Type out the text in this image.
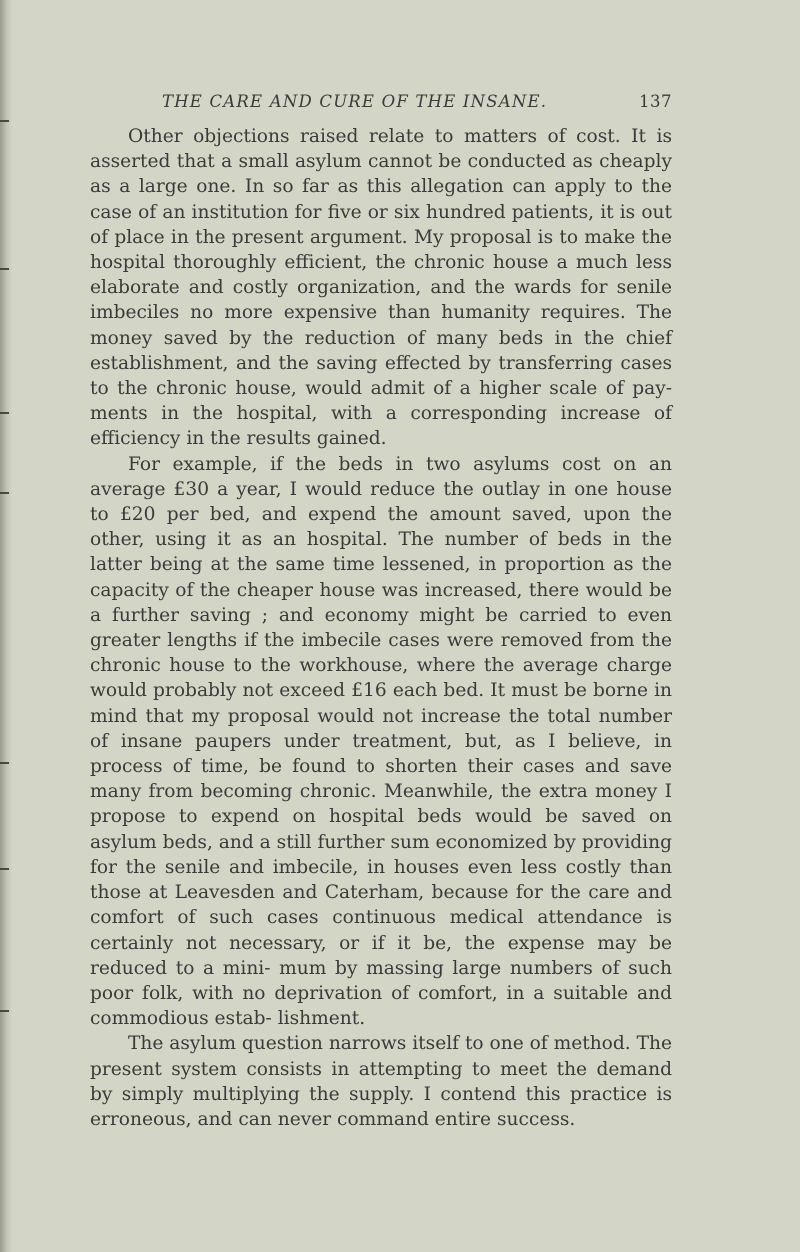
THE CARE AND CURE OF THE INSANE.	137

Other objections raised relate to matters of cost. It is asserted that a small asylum cannot be conducted as cheaply as a large one. In so far as this allegation can apply to the case of an institution for five or six hundred patients, it is out of place in the present argument. My proposal is to make the hospital thoroughly efficient, the chronic house a much less elaborate and costly organization, and the wards for senile imbeciles no more expensive than humanity requires. The money saved by the reduction of many beds in the chief establishment, and the saving effected by transferring cases to the chronic house, would admit of a higher scale of pay- ments in the hospital, with a corresponding increase of efficiency in the results gained.

For example, if the beds in two asylums cost on an average £30 a year, I would reduce the outlay in one house to £20 per bed, and expend the amount saved, upon the other, using it as an hospital. The number of beds in the latter being at the same time lessened, in proportion as the capacity of the cheaper house was increased, there would be a further saving ; and economy might be carried to even greater lengths if the imbecile cases were removed from the chronic house to the workhouse, where the average charge would probably not exceed £16 each bed. It must be borne in mind that my proposal would not increase the total number of insane paupers under treatment, but, as I believe, in process of time, be found to shorten their cases and save many from becoming chronic. Meanwhile, the extra money I propose to expend on hospital beds would be saved on asylum beds, and a still further sum economized by providing for the senile and imbecile, in houses even less costly than those at Leavesden and Caterham, because for the care and comfort of such cases continuous medical attendance is certainly not necessary, or if it be, the expense may be reduced to a mini- mum by massing large numbers of such poor folk, with no deprivation of comfort, in a suitable and commodious estab- lishment.

The asylum question narrows itself to one of method. The present system consists in attempting to meet the demand by simply multiplying the supply. I contend this practice is erroneous, and can never command entire success.
